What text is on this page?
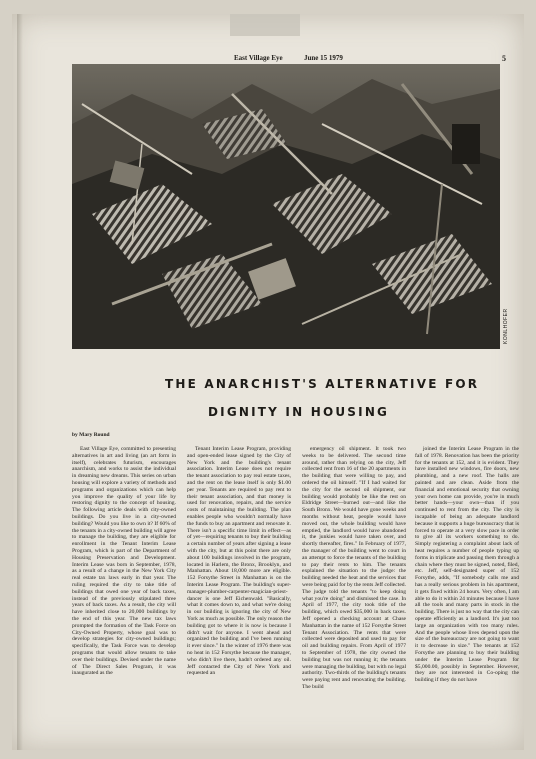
East Village Eye	June 15 1979	5
KONLHOFER
THE ANARCHIST'S ALTERNATIVE FOR
DIGNITY IN HOUSING
by Mary Round

East Village Eye, committed to presenting alternatives in art and living (an art form in itself), celebrates futurism, encourages anarchism, and works to assist the individual in dreaming new dreams. This series on urban housing will explore a variety of methods and programs and organizations which can help you improve the quality of your life by restoring dignity to the concept of housing. The following article deals with city-owned buildings. Do you live in a city-owned building? Would you like to own it? If 60% of the tenants in a city-owned building will agree to manage the building, they are eligible for enrollment in the Tenant Interim Lease Program, which is part of the Department of Housing Preservation and Development. Interim Lease was born in September, 1978, as a result of a change in the New York City real estate tax laws early in that year. The ruling required the city to take title of buildings that owed one year of back taxes, instead of the previously stipulated three years of back taxes. As a result, the city will have inherited close to 20,000 buildings by the end of this year. The new tax laws prompted the formation of the Task Force on City-Owned Property, whose goal was to develop strategies for city-owned buildings; specifically, the Task Force was to develop programs that would allow tenants to take over their buildings. Devised under the name of The Direct Sales Program, it was inaugurated as the

Tenant Interim Lease Program, providing and open-ended lease signed by the City of New York and the building's tenant association. Interim Lease does not require the tenant association to pay real estate taxes, and the rent on the lease itself is only $1.00 per year. Tenants are required to pay rent to their tenant association, and that money is used for renovation, repairs, and the service costs of maintaining the building. The plan enables people who wouldn't normally have the funds to buy an apartment and renovate it. There isn't a specific time limit in effect—as of yet—requiring tenants to buy their building a certain number of years after signing a lease with the city, but at this point there are only about 100 buildings involved in the program, located in Harlem, the Bronx, Brooklyn, and Manhattan. About 18,000 more are eligible. 152 Forsythe Street in Manhattan is on the Interim Lease Program. The building's super-manager-plumber-carpenter-magician-priest-dancer is one Jeff Eichenwald. "Basically, what it comes down to, and what we're doing in our building is ignoring the city of New York as much as possible. The only reason the building got to where it is now is because I didn't wait for anyone. I went ahead and organized the building and I've been running it ever since." In the winter of 1976 there was no heat in 152 Forsythe because the manager, who didn't live there, hadn't ordered any oil. Jeff contacted the City of New York and requested an

emergency oil shipment. It took two weeks to be delivered. The second time around, rather than relying on the city, Jeff collected rent from 16 of the 20 apartments in the building that were willing to pay, and ordered the oil himself. "If I had waited for the city for the second oil shipment, our building would probably be like the rest on Eldridge Street—burned out—and like the South Bronx. We would have gone weeks and months without heat, people would have moved out, the whole building would have emptied, the landlord would have abandoned it, the junkies would have taken over, and shortly thereafter, fires." In February of 1977, the manager of the building went to court in an attempt to force the tenants of the building to pay their rents to him. The tenants explained the situation to the judge: the building needed the heat and the services that were being paid for by the rents Jeff collected. The judge told the tenants "to keep doing what you're doing" and dismissed the case. In April of 1977, the city took title of the building, which owed $35,000 in back taxes. Jeff opened a checking account at Chase Manhattan in the name of 152 Forsythe Street Tenant Association. The rents that were collected were deposited and used to pay for oil and building repairs. From April of 1977 to September of 1978, the city owned the building but was not running it; the tenants were managing the building, but with no legal authority. Two-thirds of the building's tenants were paying rent and renovating the building. The build

joined the Interim Lease Program in the fall of 1978. Renovation has been the priority for the tenants at 152, and it is evident. They have installed new windows, fire doors, new plumbing, and a new roof. The halls are painted and are clean. Aside from the financial and emotional security that owning your own home can provide, you're in much better hands—your own—than if you continued to rent from the city. The city is incapable of being an adequate landlord because it supports a huge bureaucracy that is forced to operate at a very slow pace in order to give all its workers something to do. Simply registering a complaint about lack of heat requires a number of people typing up forms in triplicate and passing them through a chain where they must be signed, noted, filed, etc. Jeff, self-designated super of 152 Forsythe, adds, "If somebody calls me and has a really serious problem in his apartment, it gets fixed within 24 hours. Very often, I am able to do it within 24 minutes because I have all the tools and many parts in stock in the building. There is just no way that the city can operate efficiently as a landlord. It's just too large an organization with too many rules. And the people whose lives depend upon the size of the bureaucracy are not going to want it to decrease in size." The tenants at 152 Forsythe are planning to buy their building under the Interim Lease Program for $5,000.00, possibly in September. However, they are not interested in Co-oping the building if they do not have
